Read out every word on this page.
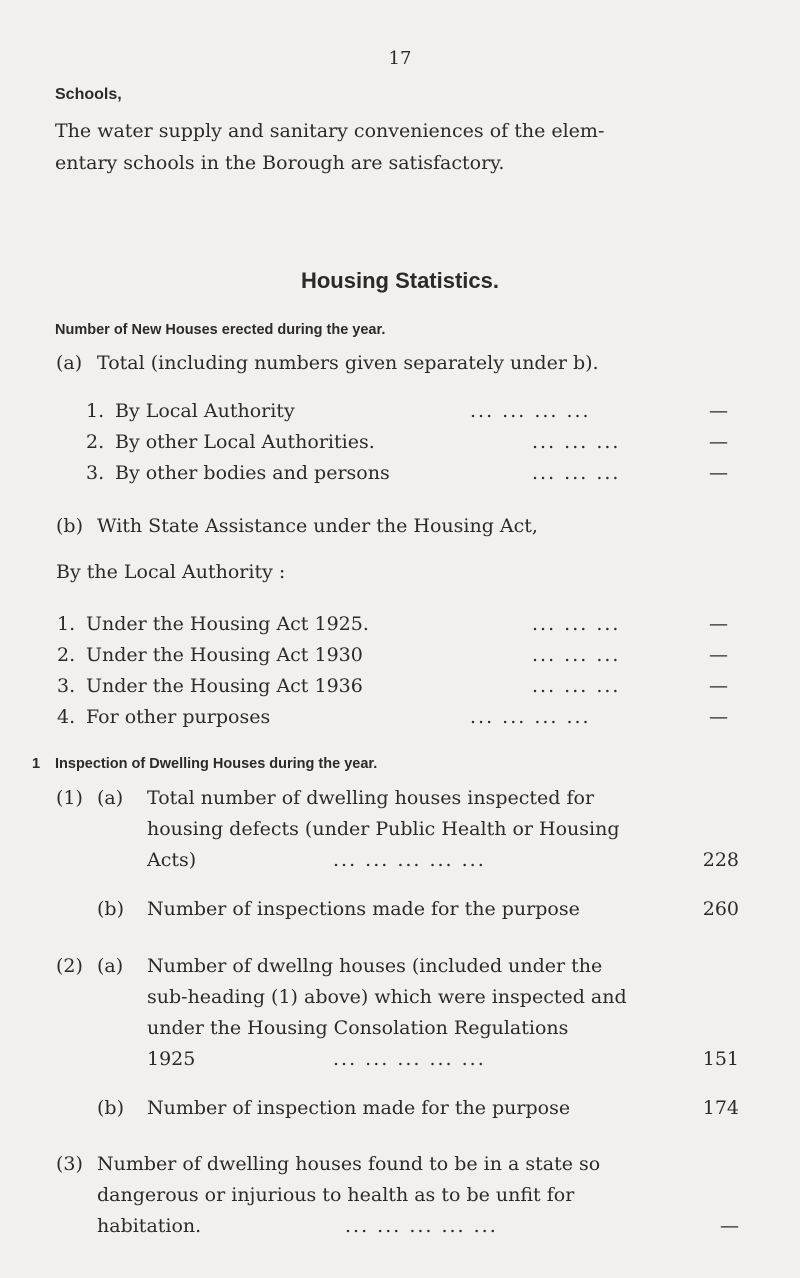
17
Schools,
The water supply and sanitary conveniences of the elem-
entary schools in the Borough are satisfactory.
Housing Statistics.
Number of New Houses erected during the year.
(a) Total (including numbers given separately under b).
1. By Local Authority	... ... ... ...	—
2. By other Local Authorities.	... ... ...	—
3. By other bodies and persons	... ... ...	—
(b) With State Assistance under the Housing Act,
By the Local Authority :
1. Under the Housing Act 1925.	... ... ...	—
2. Under the Housing Act 1930	... ... ...	—
3. Under the Housing Act 1936	... ... ...	—
4. For other purposes	... ... ... ...	—
1 Inspection of Dwelling Houses during the year.
(1) (a) Total number of dwelling houses inspected for
housing defects (under Public Health or Housing
Acts)	... ... ... ... ...	228
(b) Number of inspections made for the purpose	260
(2) (a) Number of dwellng houses (included under the
sub-heading (1) above) which were inspected and
under the Housing Consolation Regulations
1925	... ... ... ... ...	151
(b) Number of inspection made for the purpose	174
(3) Number of dwelling houses found to be in a state so
dangerous or injurious to health as to be unfit for
habitation.	... ... ... ... ...	—
